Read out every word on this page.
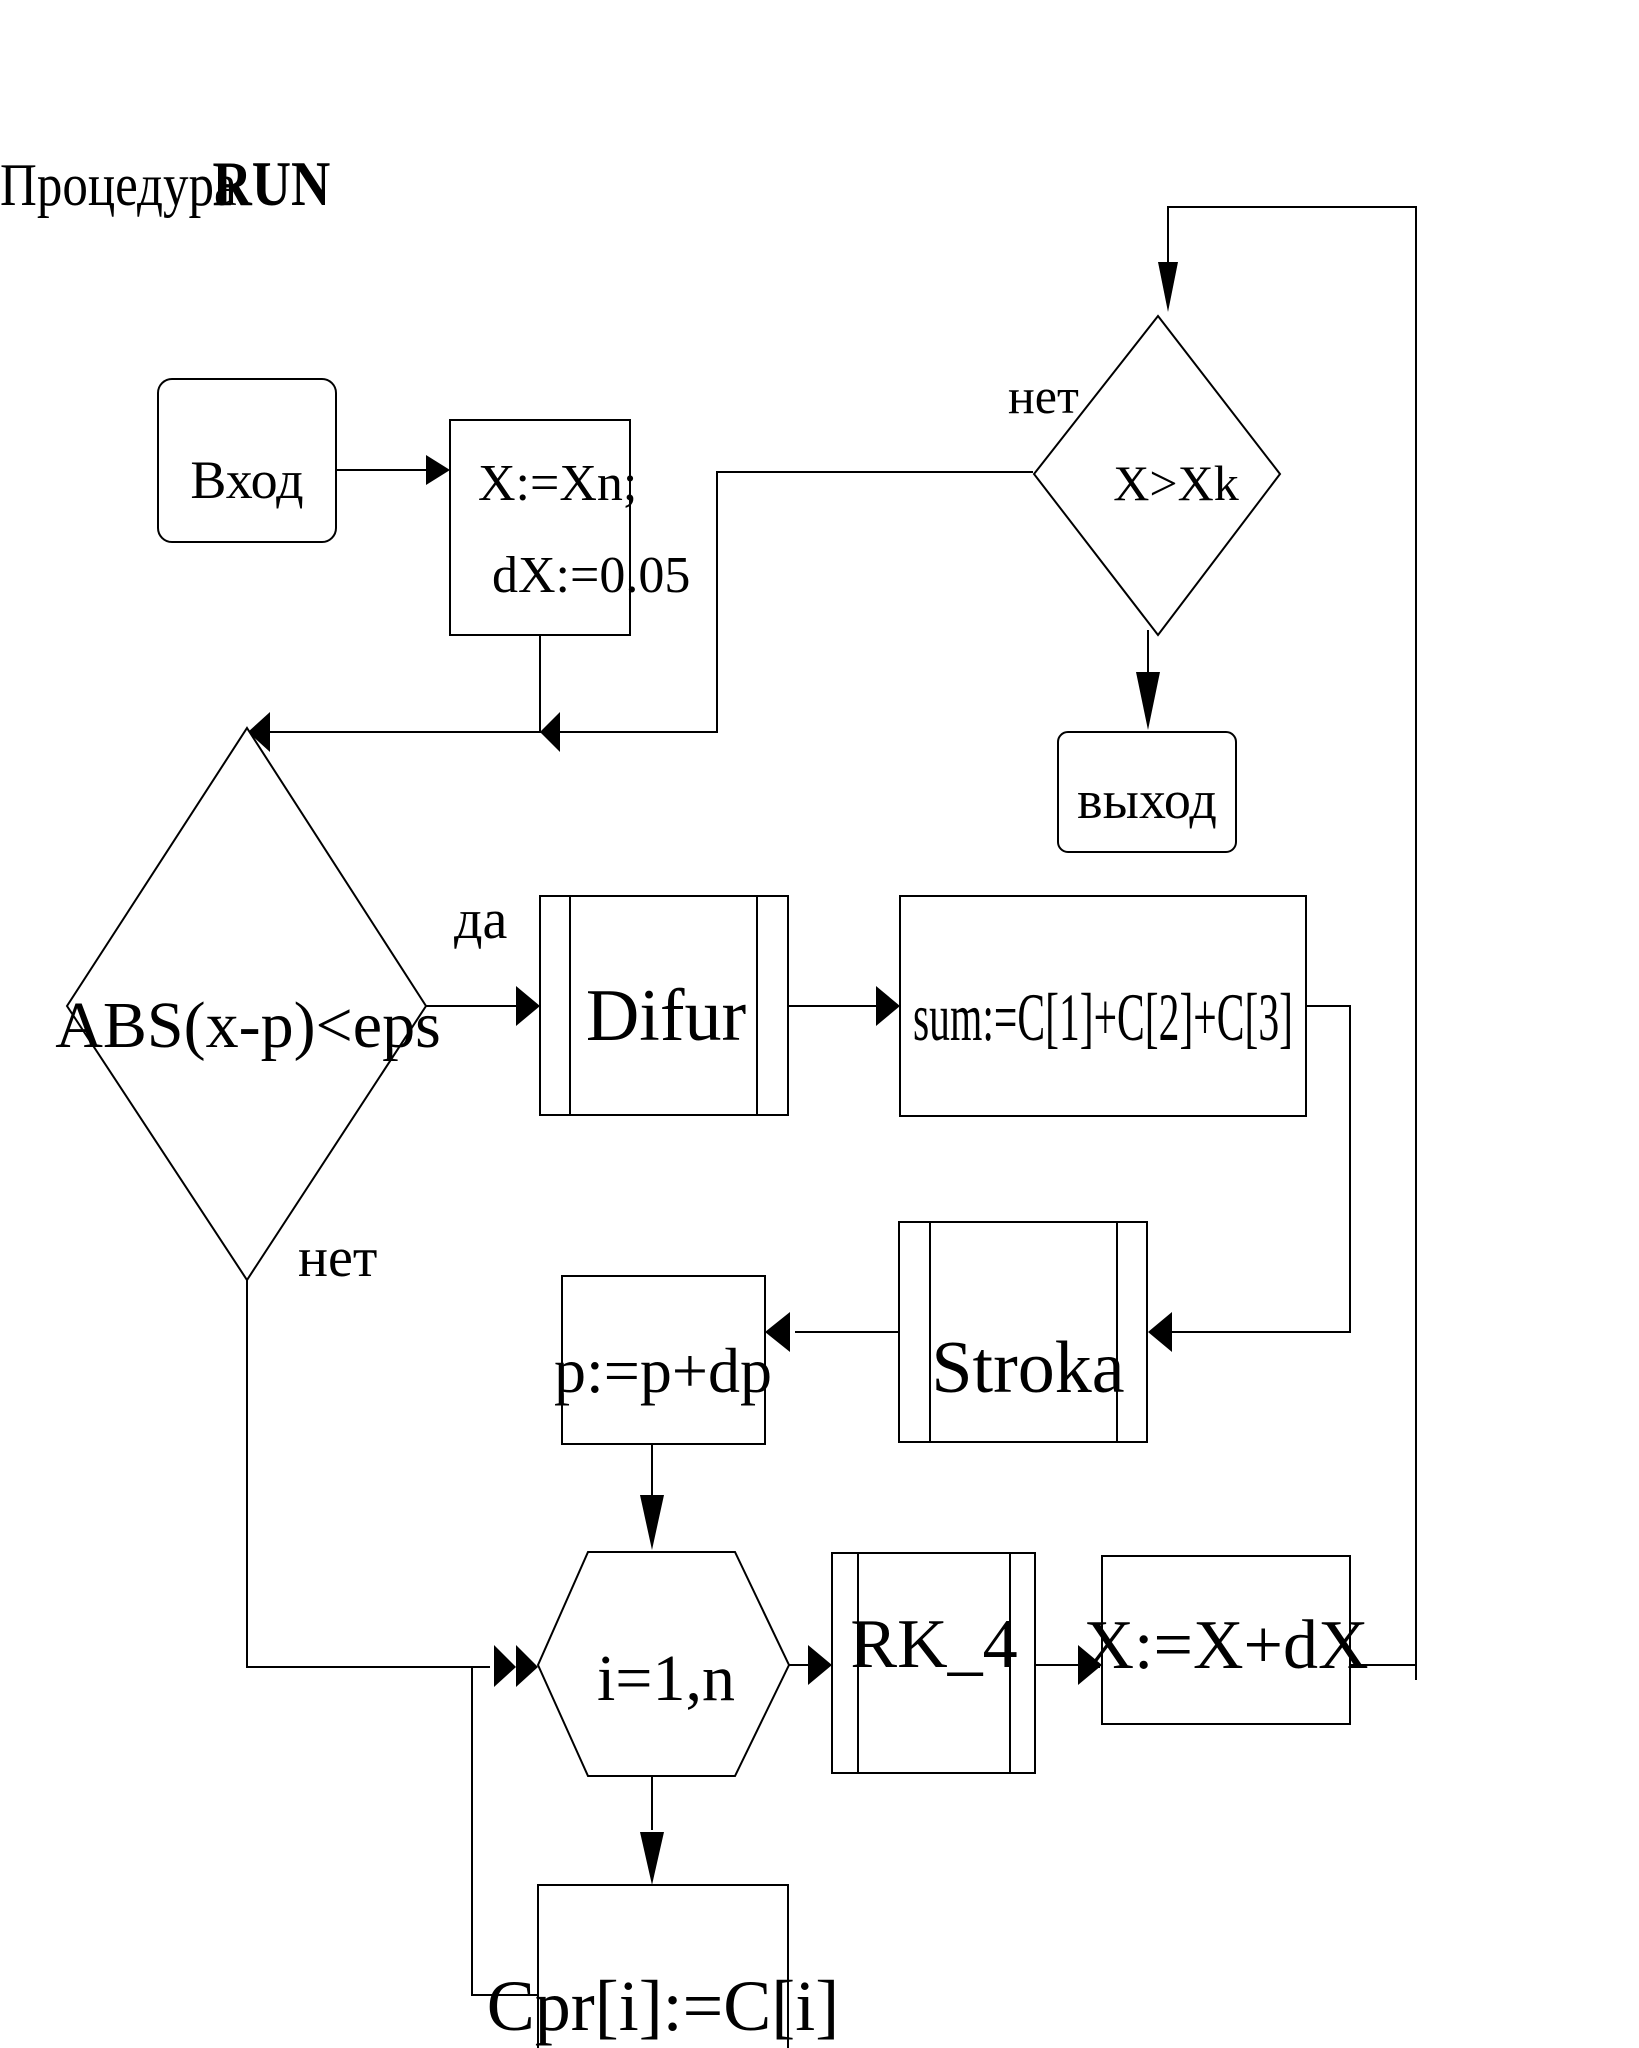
Процедура
RUN
Вход	X:=Xn;
dX:=0.05
X>Xk
нет
выход
ABS(x-p)<eps
да
нет
Difur sum:=C[1]+C[2]+C[3]
Stroka
p:=p+dp
i=1,n RK_4 X:=X+dX
Cpr[i]:=C[i]
